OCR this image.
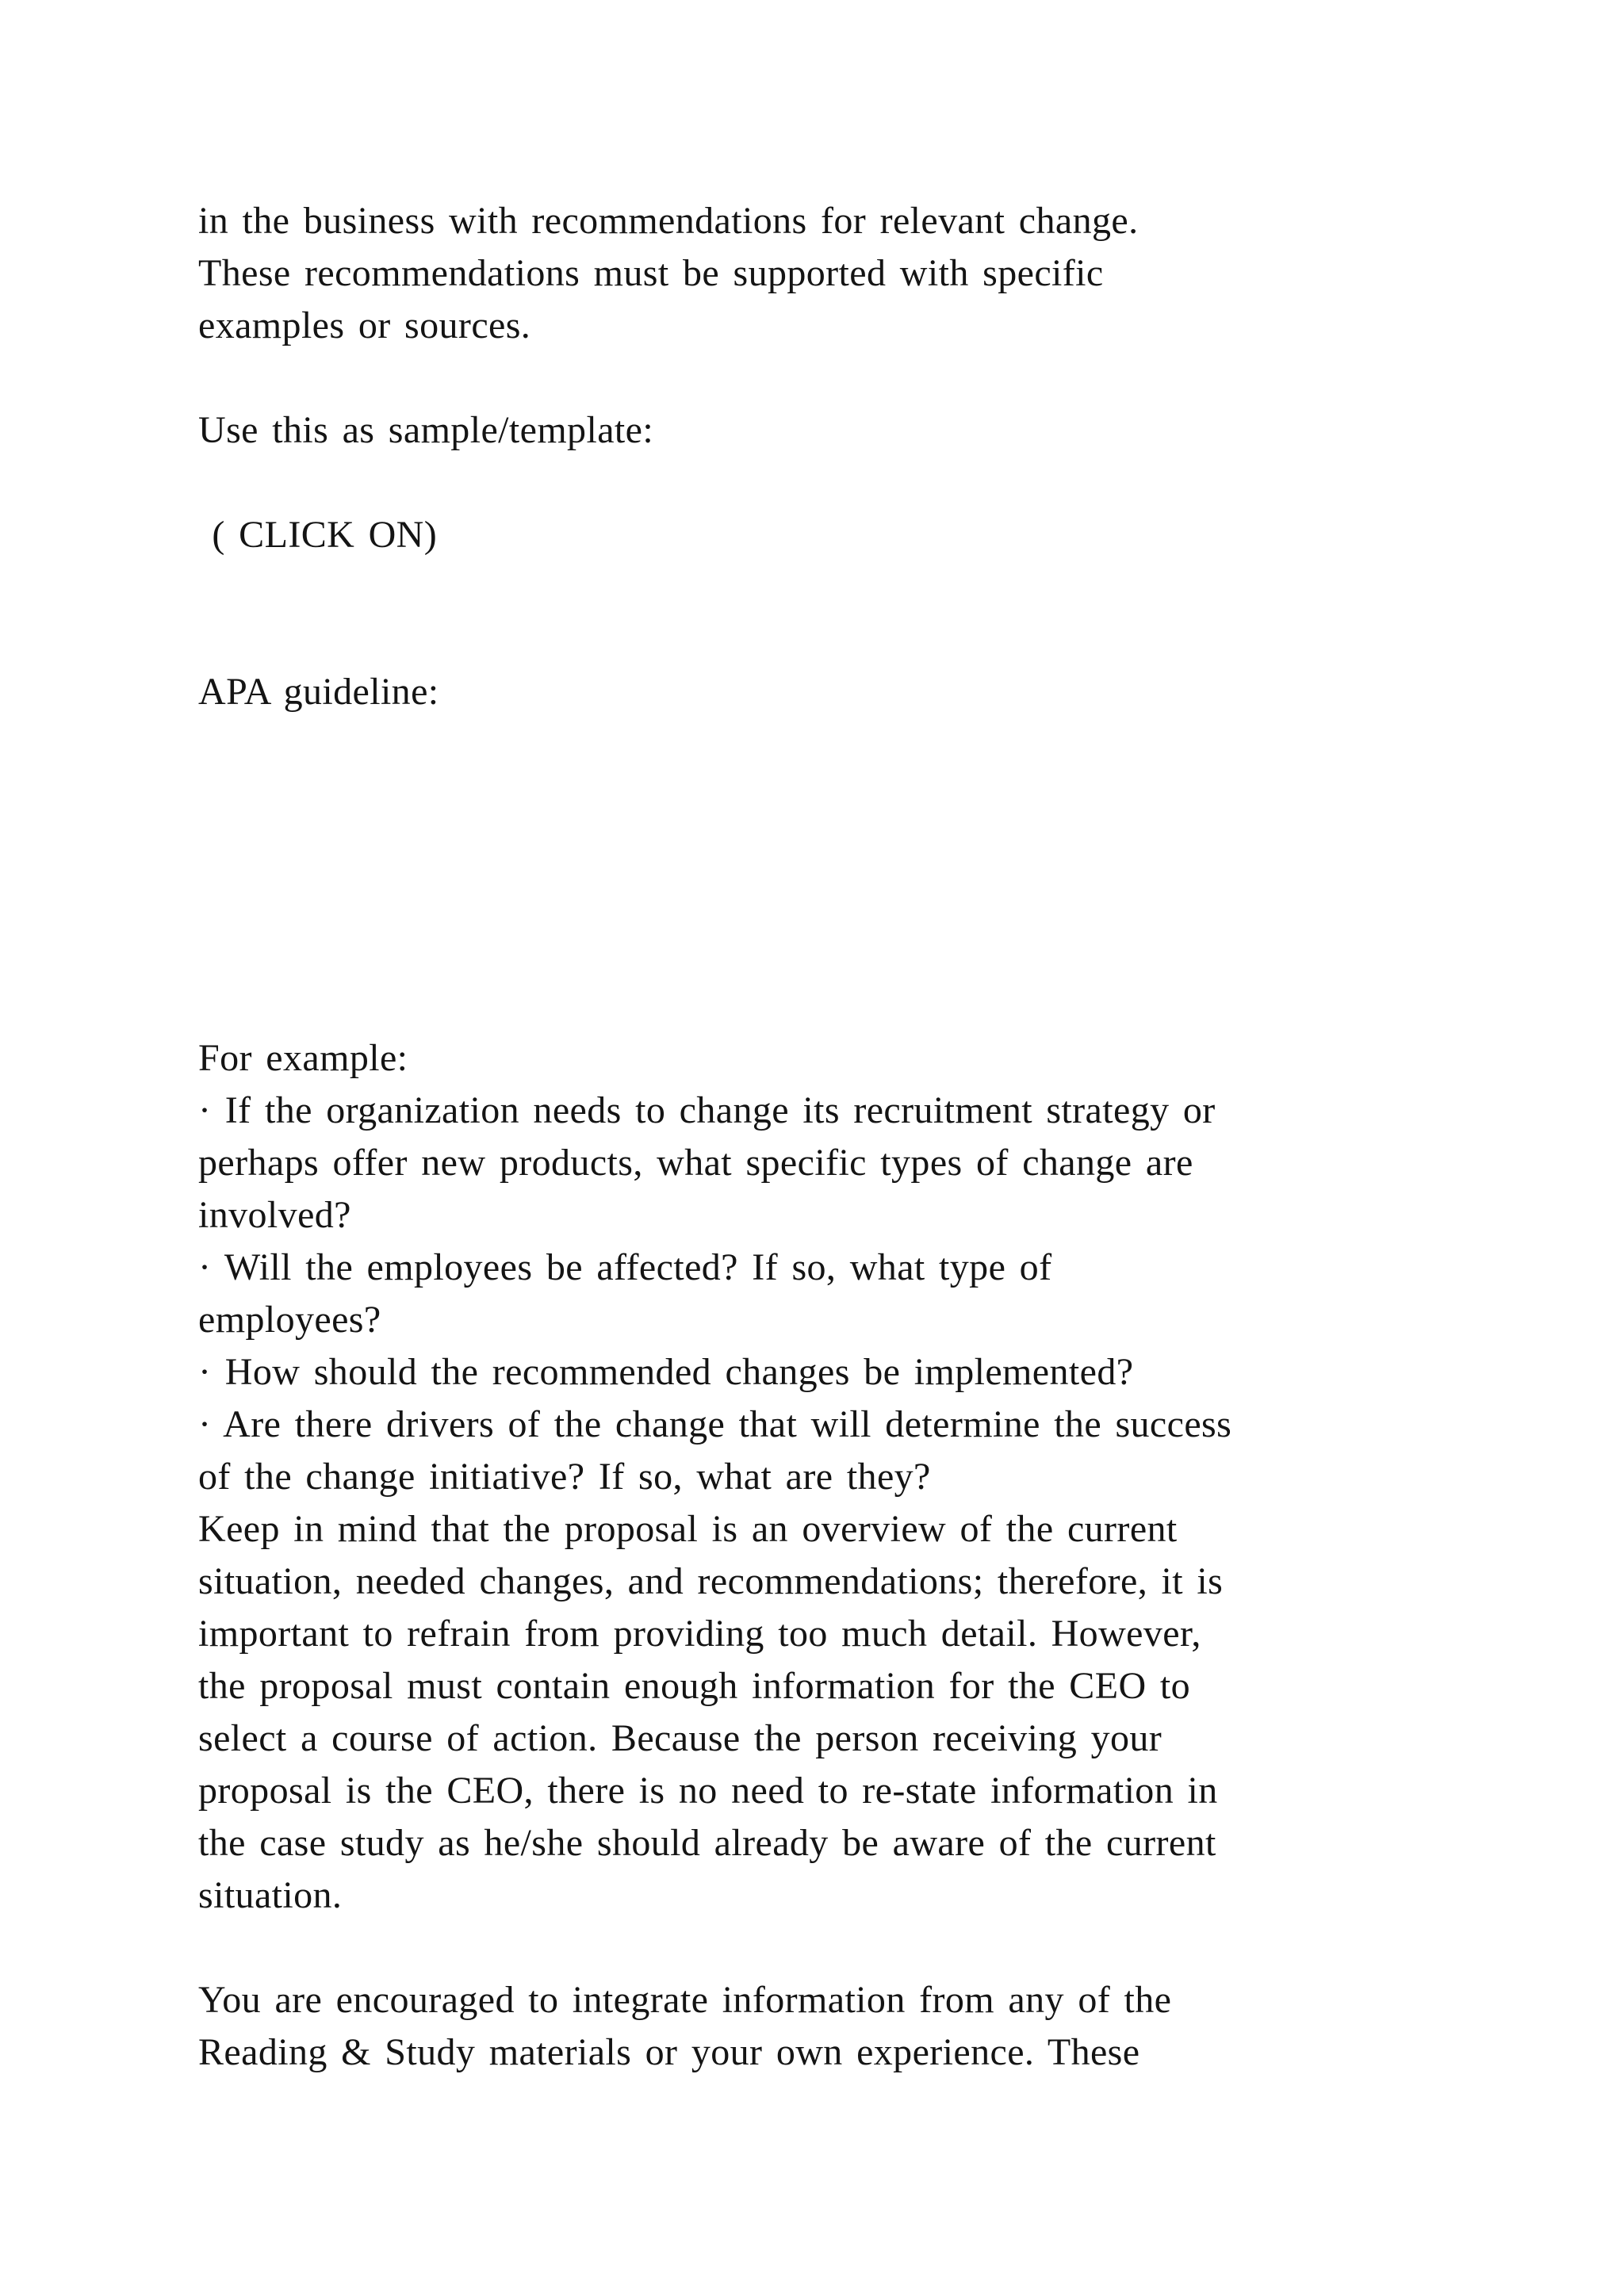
in the business with recommendations for relevant change.
These recommendations must be supported with specific
examples or sources.
Use this as sample/template:
( CLICK ON)
APA guideline:
For example:
· If the organization needs to change its recruitment strategy or
perhaps offer new products, what specific types of change are
involved?
· Will the employees be affected? If so, what type of
employees?
· How should the recommended changes be implemented?
· Are there drivers of the change that will determine the success
of the change initiative? If so, what are they?
Keep in mind that the proposal is an overview of the current
situation, needed changes, and recommendations; therefore, it is
important to refrain from providing too much detail. However,
the proposal must contain enough information for the CEO to
select a course of action. Because the person receiving your
proposal is the CEO, there is no need to re-state information in
the case study as he/she should already be aware of the current
situation.
You are encouraged to integrate information from any of the
Reading & Study materials or your own experience. These
